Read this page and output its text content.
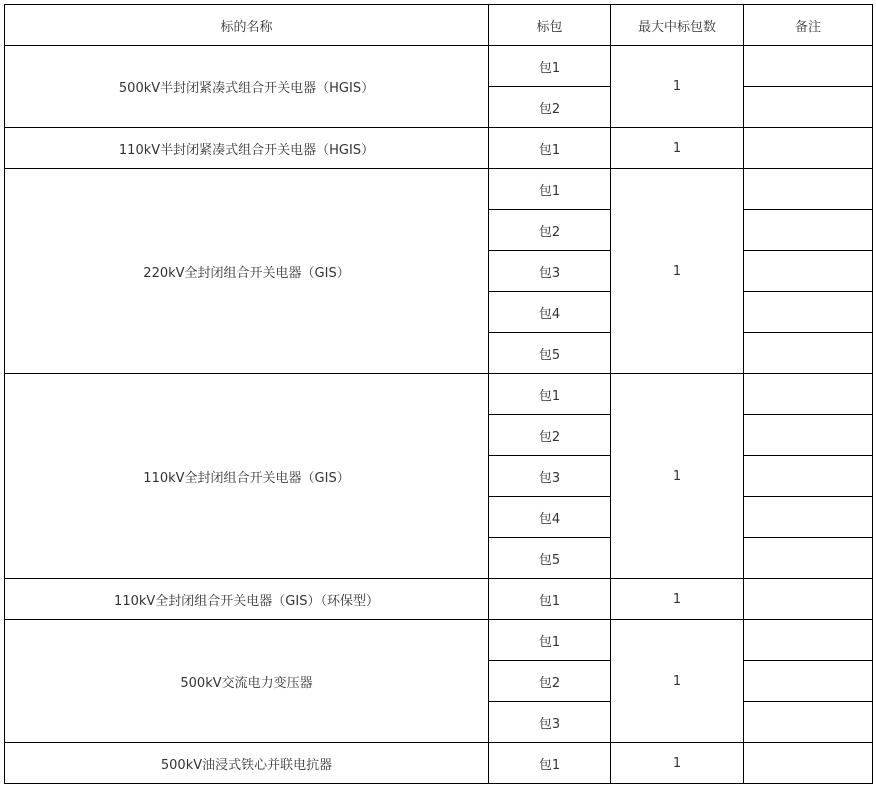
标的名称	标包	最大中标包数	备注
500kV半封闭紧凑式组合开关电器（HGIS）	包1	1	
	包2		
110kV半封闭紧凑式组合开关电器（HGIS）	包1	1	
220kV全封闭组合开关电器（GIS）	包1	1	
	包2		
	包3		
	包4		
	包5		
110kV全封闭组合开关电器（GIS）	包1	1	
	包2		
	包3		
	包4		
	包5		
110kV全封闭组合开关电器（GIS）（环保型）	包1	1	
500kV交流电力变压器	包1	1	
	包2		
	包3		
500kV油浸式铁心并联电抗器	包1	1	
